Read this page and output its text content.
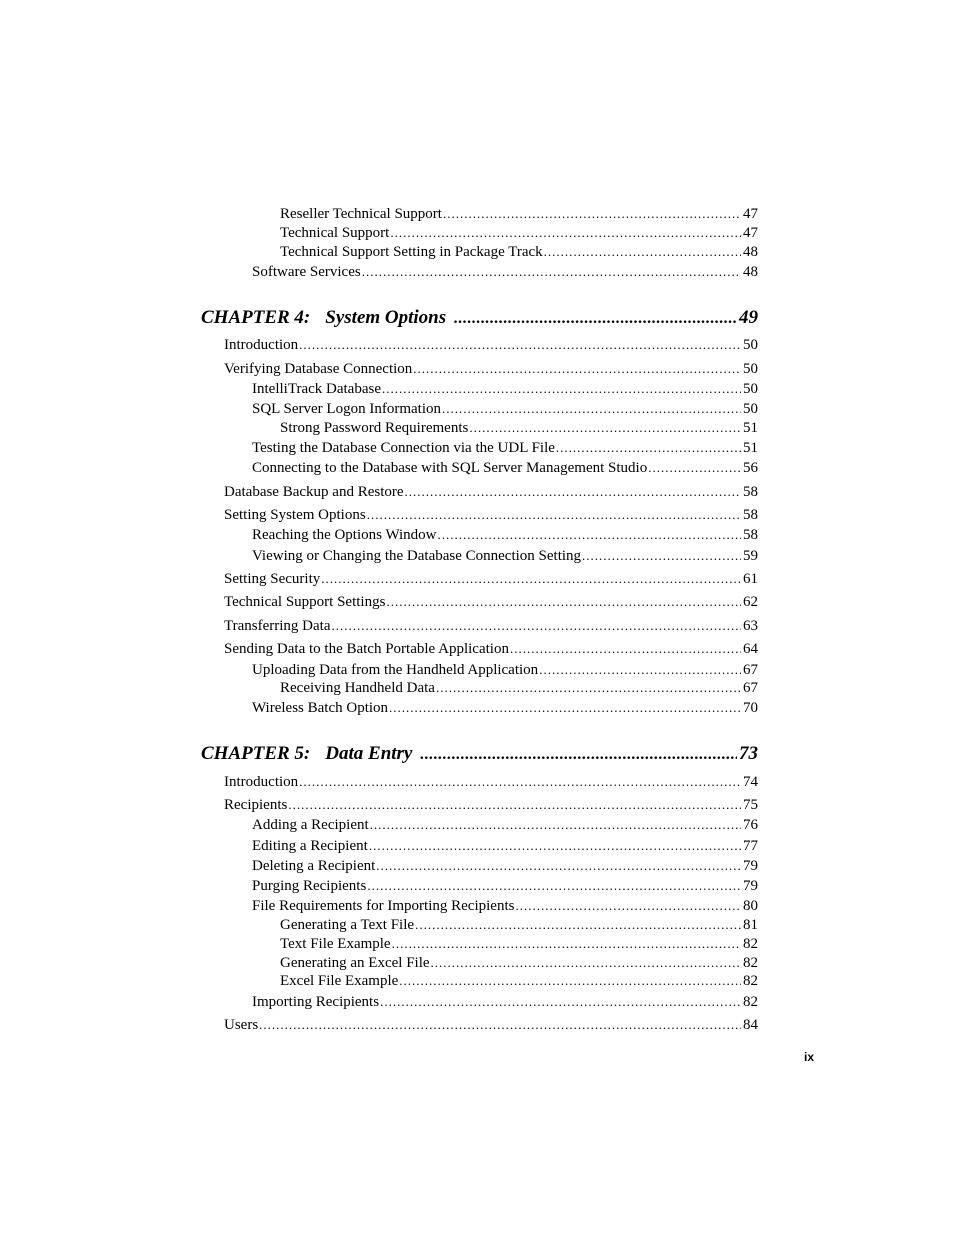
Reseller Technical Support .....	47
Technical Support .....	47
Technical Support Setting in Package Track .....	48
Software Services .....	48
CHAPTER 4: System Options .....	49
Introduction .....	50
Verifying Database Connection .....	50
IntelliTrack Database .....	50
SQL Server Logon Information .....	50
Strong Password Requirements .....	51
Testing the Database Connection via the UDL File .....	51
Connecting to the Database with SQL Server Management Studio .....	56
Database Backup and Restore .....	58
Setting System Options .....	58
Reaching the Options Window .....	58
Viewing or Changing the Database Connection Setting .....	59
Setting Security .....	61
Technical Support Settings .....	62
Transferring Data .....	63
Sending Data to the Batch Portable Application .....	64
Uploading Data from the Handheld Application .....	67
Receiving Handheld Data .....	67
Wireless Batch Option .....	70
CHAPTER 5: Data Entry .....	73
Introduction .....	74
Recipients .....	75
Adding a Recipient .....	76
Editing a Recipient .....	77
Deleting a Recipient .....	79
Purging Recipients .....	79
File Requirements for Importing Recipients .....	80
Generating a Text File .....	81
Text File Example .....	82
Generating an Excel File .....	82
Excel File Example .....	82
Importing Recipients .....	82
Users .....	84
ix
